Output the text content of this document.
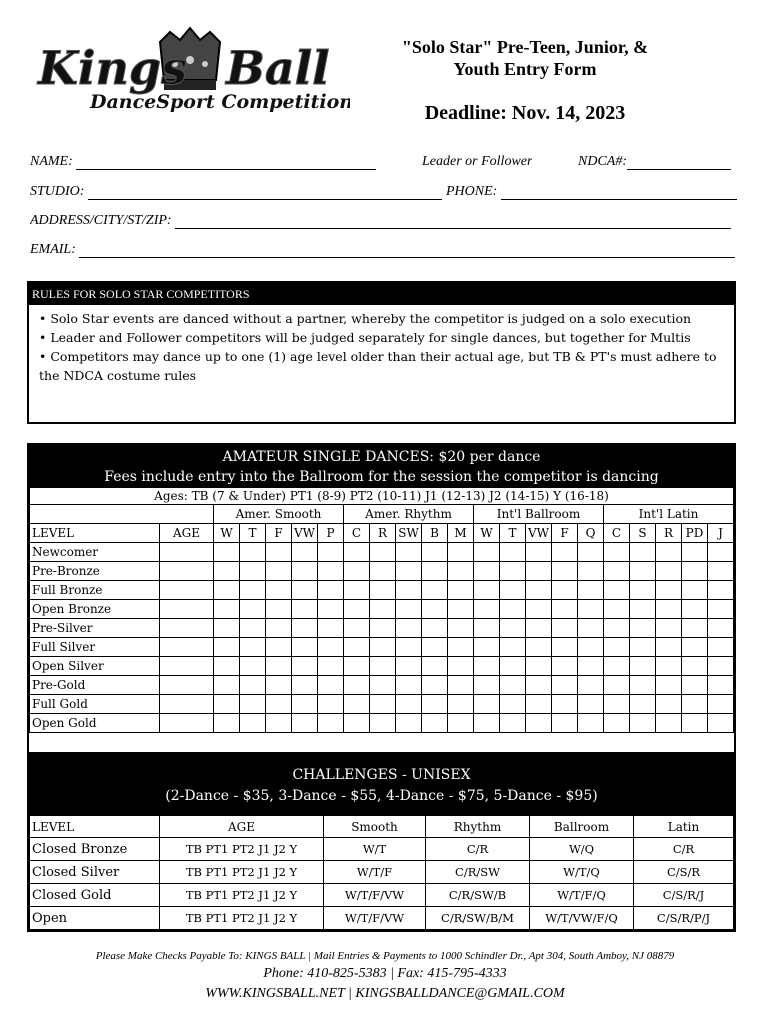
Kings Ball
DanceSport Competition
"Solo Star" Pre-Teen, Junior, &
Youth Entry Form
Deadline: Nov. 14, 2023
NAME:	Leader or Follower	NDCA#:
STUDIO:	PHONE:
ADDRESS/CITY/ST/ZIP:
EMAIL:
RULES FOR SOLO STAR COMPETITORS
• Solo Star events are danced without a partner, whereby the competitor is judged on a solo execution
• Leader and Follower competitors will be judged separately for single dances, but together for Multis
• Competitors may dance up to one (1) age level older than their actual age, but TB & PT's must adhere to the NDCA costume rules
AMATEUR SINGLE DANCES: $20 per dance
Fees include entry into the Ballroom for the session the competitor is dancing
Ages: TB (7 & Under) PT1 (8-9) PT2 (10-11) J1 (12-13) J2 (14-15) Y (16-18)																					
		Amer. Smooth					Amer. Rhythm					Int'l Ballroom					Int'l Latin				
LEVEL	AGE	W	T	F	VW	P	C	R	SW	B	M	W	T	VW	F	Q	C	S	R	PD	J
Newcomer																					
Pre-Bronze																					
Full Bronze																					
Open Bronze																					
Pre-Silver																					
Full Silver																					
Open Silver																					
Pre-Gold																					
Full Gold																					
Open Gold																					
CHALLENGES - UNISEX
(2-Dance - $35, 3-Dance - $55, 4-Dance - $75, 5-Dance - $95)
LEVEL	AGE	Smooth	Rhythm	Ballroom	Latin
Closed Bronze	TB PT1 PT2 J1 J2 Y	W/T	C/R	W/Q	C/R
Closed Silver	TB PT1 PT2 J1 J2 Y	W/T/F	C/R/SW	W/T/Q	C/S/R
Closed Gold	TB PT1 PT2 J1 J2 Y	W/T/F/VW	C/R/SW/B	W/T/F/Q	C/S/R/J
Open	TB PT1 PT2 J1 J2 Y	W/T/F/VW	C/R/SW/B/M	W/T/VW/F/Q	C/S/R/P/J
Please Make Checks Payable To: KINGS BALL | Mail Entries & Payments to 1000 Schindler Dr., Apt 304, South Amboy, NJ 08879
Phone: 410-825-5383 | Fax: 415-795-4333
WWW.KINGSBALL.NET | KINGSBALLDANCE@GMAIL.COM
